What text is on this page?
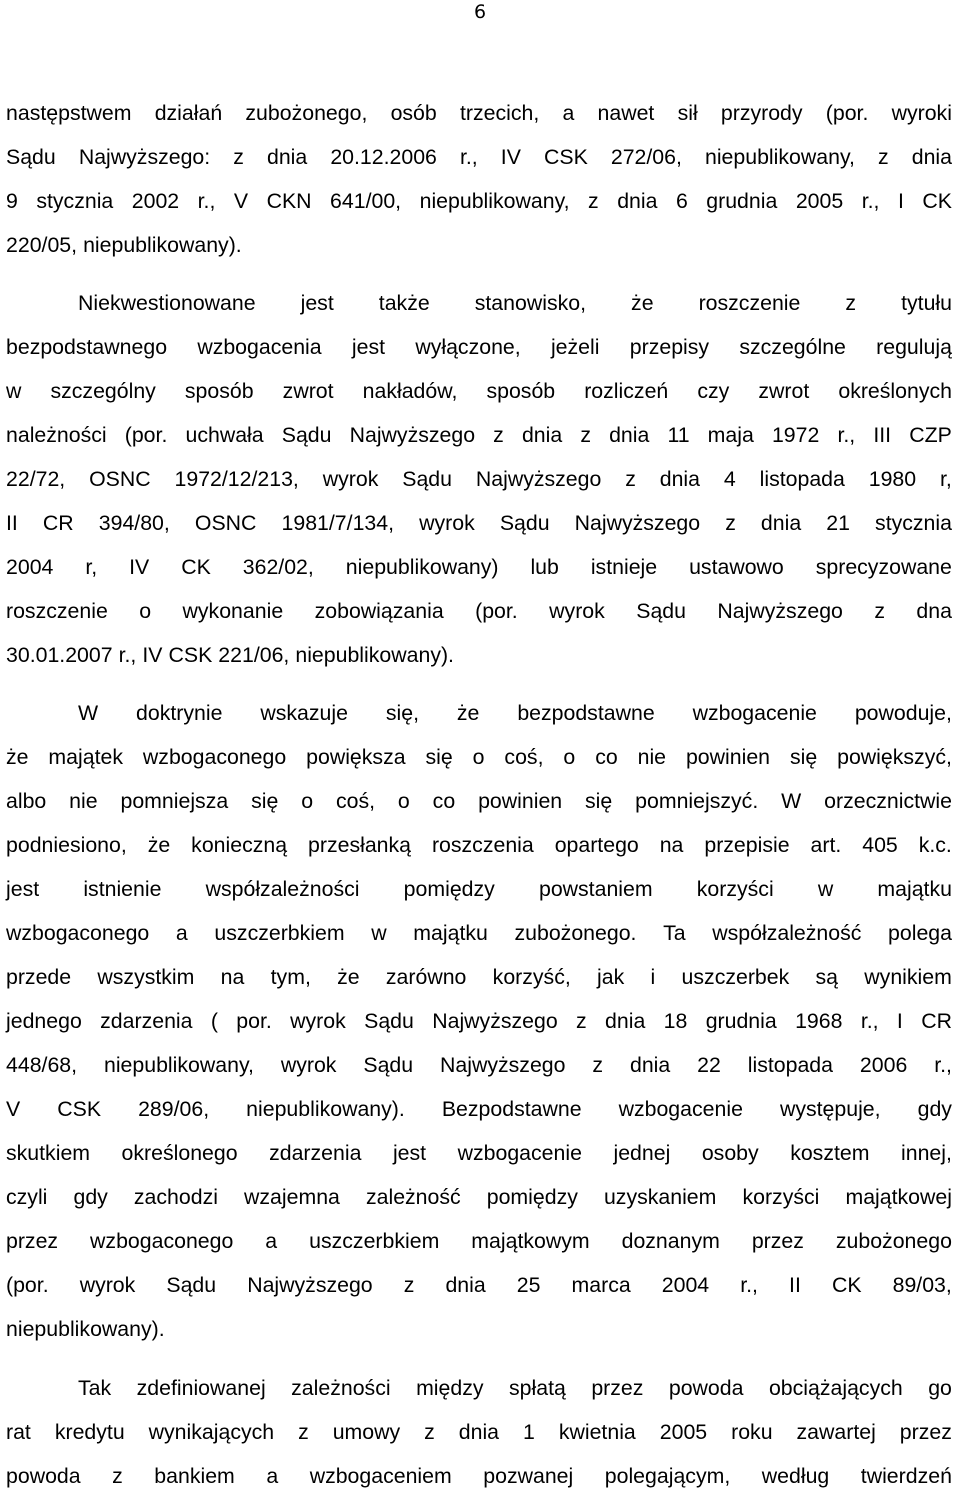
6
następstwem działań zubożonego, osób trzecich, a nawet sił przyrody (por. wyroki
Sądu Najwyższego: z dnia 20.12.2006 r., IV CSK 272/06, niepublikowany, z dnia
9 stycznia 2002 r., V CKN 641/00, niepublikowany, z dnia 6 grudnia 2005 r., I CK
220/05, niepublikowany).
Niekwestionowane jest także stanowisko, że roszczenie z tytułu
bezpodstawnego wzbogacenia jest wyłączone, jeżeli przepisy szczególne regulują
w szczególny sposób zwrot nakładów, sposób rozliczeń czy zwrot określonych
należności (por. uchwała Sądu Najwyższego z dnia z dnia 11 maja 1972 r., III CZP
22/72, OSNC 1972/12/213, wyrok Sądu Najwyższego z dnia 4 listopada 1980 r,
II CR 394/80, OSNC 1981/7/134, wyrok Sądu Najwyższego z dnia 21 stycznia
2004 r, IV CK 362/02, niepublikowany) lub istnieje ustawowo sprecyzowane
roszczenie o wykonanie zobowiązania (por. wyrok Sądu Najwyższego z dna
30.01.2007 r., IV CSK 221/06, niepublikowany).
W doktrynie wskazuje się, że bezpodstawne wzbogacenie powoduje,
że majątek wzbogaconego powiększa się o coś, o co nie powinien się powiększyć,
albo nie pomniejsza się o coś, o co powinien się pomniejszyć. W orzecznictwie
podniesiono, że konieczną przesłanką roszczenia opartego na przepisie art. 405 k.c.
jest istnienie współzależności pomiędzy powstaniem korzyści w majątku
wzbogaconego a uszczerbkiem w majątku zubożonego. Ta współzależność polega
przede wszystkim na tym, że zarówno korzyść, jak i uszczerbek są wynikiem
jednego zdarzenia ( por. wyrok Sądu Najwyższego z dnia 18 grudnia 1968 r., I CR
448/68, niepublikowany, wyrok Sądu Najwyższego z dnia 22 listopada 2006 r.,
V CSK 289/06, niepublikowany). Bezpodstawne wzbogacenie występuje, gdy
skutkiem określonego zdarzenia jest wzbogacenie jednej osoby kosztem innej,
czyli gdy zachodzi wzajemna zależność pomiędzy uzyskaniem korzyści majątkowej
przez wzbogaconego a uszczerbkiem majątkowym doznanym przez zubożonego
(por. wyrok Sądu Najwyższego z dnia 25 marca 2004 r., II CK 89/03,
niepublikowany).
Tak zdefiniowanej zależności między spłatą przez powoda obciążających go
rat kredytu wynikających z umowy z dnia 1 kwietnia 2005 roku zawartej przez
powoda z bankiem a wzbogaceniem pozwanej polegającym, według twierdzeń
